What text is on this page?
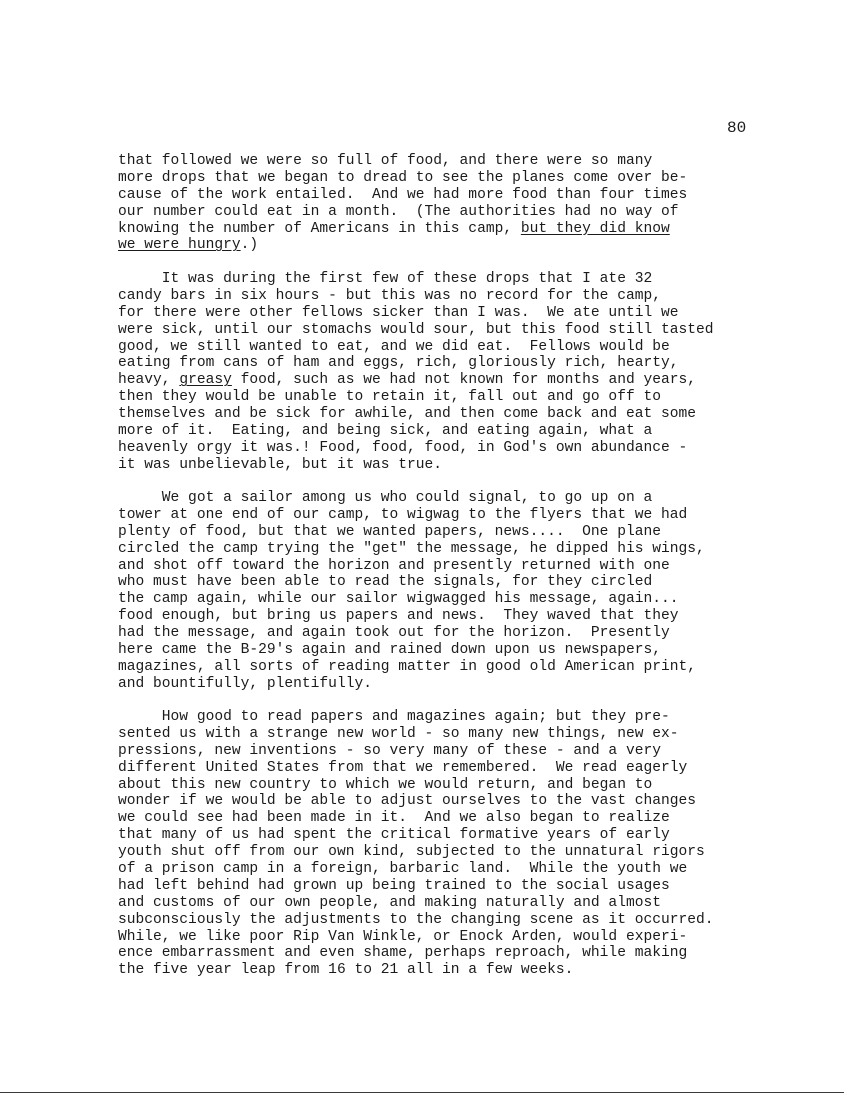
80
that followed we were so full of food, and there were so many
more drops that we began to dread to see the planes come over be-
cause of the work entailed.  And we had more food than four times
our number could eat in a month.  (The authorities had no way of
knowing the number of Americans in this camp, but they did know
we were hungry.)
It was during the first few of these drops that I ate 32
candy bars in six hours - but this was no record for the camp,
for there were other fellows sicker than I was.  We ate until we
were sick, until our stomachs would sour, but this food still tasted
good, we still wanted to eat, and we did eat.  Fellows would be
eating from cans of ham and eggs, rich, gloriously rich, hearty,
heavy, greasy food, such as we had not known for months and years,
then they would be unable to retain it, fall out and go off to
themselves and be sick for awhile, and then come back and eat some
more of it.  Eating, and being sick, and eating again, what a
heavenly orgy it was.! Food, food, food, in God's own abundance -
it was unbelievable, but it was true.
We got a sailor among us who could signal, to go up on a
tower at one end of our camp, to wigwag to the flyers that we had
plenty of food, but that we wanted papers, news....  One plane
circled the camp trying the "get" the message, he dipped his wings,
and shot off toward the horizon and presently returned with one
who must have been able to read the signals, for they circled
the camp again, while our sailor wigwagged his message, again...
food enough, but bring us papers and news.  They waved that they
had the message, and again took out for the horizon.  Presently
here came the B-29's again and rained down upon us newspapers,
magazines, all sorts of reading matter in good old American print,
and bountifully, plentifully.
How good to read papers and magazines again; but they pre-
sented us with a strange new world - so many new things, new ex-
pressions, new inventions - so very many of these - and a very
different United States from that we remembered.  We read eagerly
about this new country to which we would return, and began to
wonder if we would be able to adjust ourselves to the vast changes
we could see had been made in it.  And we also began to realize
that many of us had spent the critical formative years of early
youth shut off from our own kind, subjected to the unnatural rigors
of a prison camp in a foreign, barbaric land.  While the youth we
had left behind had grown up being trained to the social usages
and customs of our own people, and making naturally and almost
subconsciously the adjustments to the changing scene as it occurred.
While, we like poor Rip Van Winkle, or Enock Arden, would experi-
ence embarrassment and even shame, perhaps reproach, while making
the five year leap from 16 to 21 all in a few weeks.
